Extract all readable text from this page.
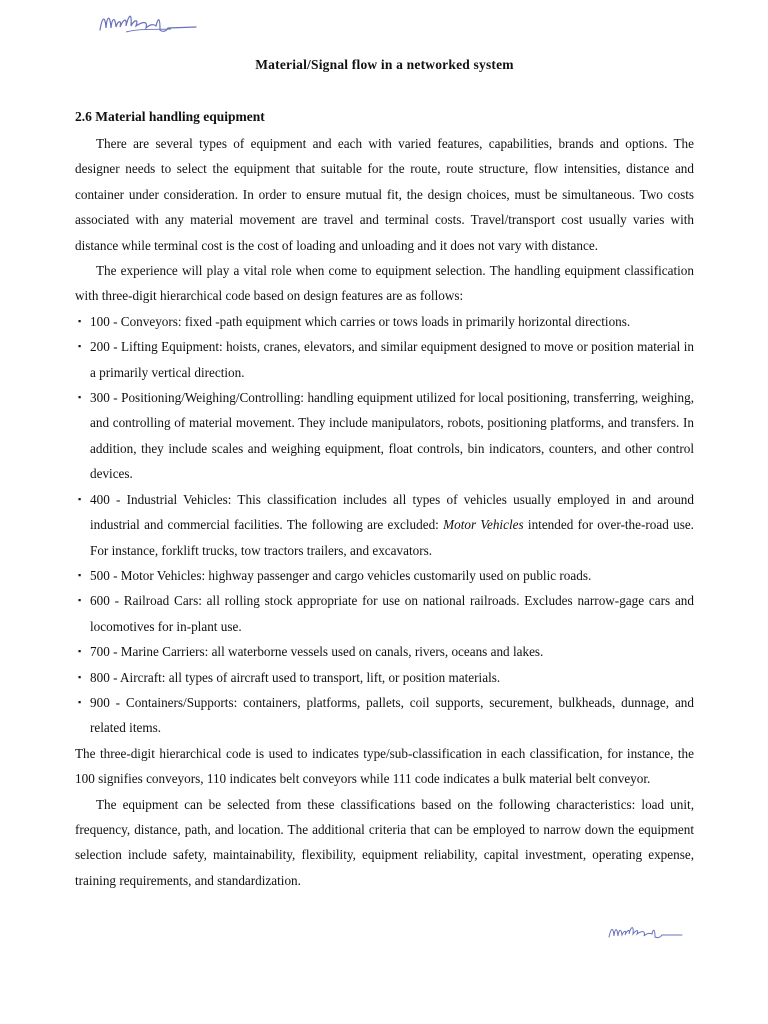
Material/Signal flow in a networked system
2.6 Material handling equipment

There are several types of equipment and each with varied features, capabilities, brands and options. The designer needs to select the equipment that suitable for the route, route structure, flow intensities, distance and container under consideration. In order to ensure mutual fit, the design choices, must be simultaneous. Two costs associated with any material movement are travel and terminal costs. Travel/transport cost usually varies with distance while terminal cost is the cost of loading and unloading and it does not vary with distance.

The experience will play a vital role when come to equipment selection. The handling equipment classification with three-digit hierarchical code based on design features are as follows:

▪ 100 - Conveyors: fixed -path equipment which carries or tows loads in primarily horizontal directions.
▪ 200 - Lifting Equipment: hoists, cranes, elevators, and similar equipment designed to move or position material in a primarily vertical direction.
▪ 300 - Positioning/Weighing/Controlling: handling equipment utilized for local positioning, transferring, weighing, and controlling of material movement. They include manipulators, robots, positioning platforms, and transfers. In addition, they include scales and weighing equipment, float controls, bin indicators, counters, and other control devices.
▪ 400 - Industrial Vehicles: This classification includes all types of vehicles usually employed in and around industrial and commercial facilities. The following are excluded: Motor Vehicles intended for over-the-road use. For instance, forklift trucks, tow tractors trailers, and excavators.
▪ 500 - Motor Vehicles: highway passenger and cargo vehicles customarily used on public roads.
▪ 600 - Railroad Cars: all rolling stock appropriate for use on national railroads. Excludes narrow-gage cars and locomotives for in-plant use.
▪ 700 - Marine Carriers: all waterborne vessels used on canals, rivers, oceans and lakes.
▪ 800 - Aircraft: all types of aircraft used to transport, lift, or position materials.
▪ 900 - Containers/Supports: containers, platforms, pallets, coil supports, securement, bulkheads, dunnage, and related items.

The three-digit hierarchical code is used to indicates type/sub-classification in each classification, for instance, the 100 signifies conveyors, 110 indicates belt conveyors while 111 code indicates a bulk material belt conveyor.

The equipment can be selected from these classifications based on the following characteristics: load unit, frequency, distance, path, and location. The additional criteria that can be employed to narrow down the equipment selection include safety, maintainability, flexibility, equipment reliability, capital investment, operating expense, training requirements, and standardization.
